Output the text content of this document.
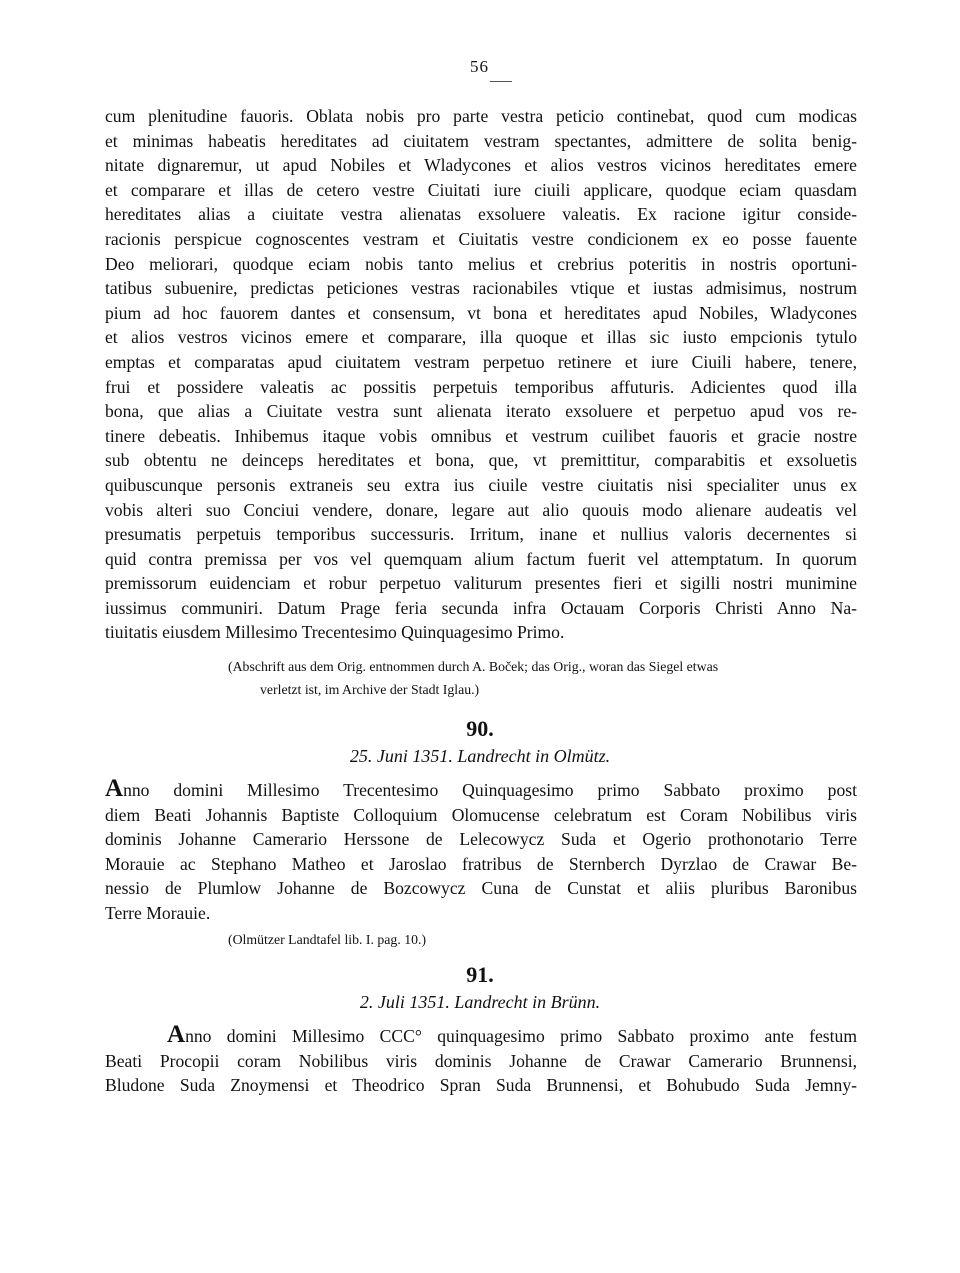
56
cum plenitudine fauoris. Oblata nobis pro parte vestra peticio continebat, quod cum modicas
et minimas habeatis hereditates ad ciuitatem vestram spectantes, admittere de solita benig-
nitate dignaremur, ut apud Nobiles et Wladycones et alios vestros vicinos hereditates emere
et comparare et illas de cetero vestre Ciuitati iure ciuili applicare, quodque eciam quasdam
hereditates alias a ciuitate vestra alienatas exsoluere valeatis. Ex racione igitur conside-
racionis perspicue cognoscentes vestram et Ciuitatis vestre condicionem ex eo posse fauente
Deo meliorari, quodque eciam nobis tanto melius et crebrius poteritis in nostris oportuni-
tatibus subuenire, predictas peticiones vestras racionabiles vtique et iustas admisimus, nostrum
pium ad hoc fauorem dantes et consensum, vt bona et hereditates apud Nobiles, Wladycones
et alios vestros vicinos emere et comparare, illa quoque et illas sic iusto empcionis tytulo
emptas et comparatas apud ciuitatem vestram perpetuo retinere et iure Ciuili habere, tenere,
frui et possidere valeatis ac possitis perpetuis temporibus affuturis. Adicientes quod illa
bona, que alias a Ciuitate vestra sunt alienata iterato exsoluere et perpetuo apud vos re-
tinere debeatis. Inhibemus itaque vobis omnibus et vestrum cuilibet fauoris et gracie nostre
sub obtentu ne deinceps hereditates et bona, que, vt premittitur, comparabitis et exsoluetis
quibuscunque personis extraneis seu extra ius ciuile vestre ciuitatis nisi specialiter unus ex
vobis alteri suo Conciui vendere, donare, legare aut alio quouis modo alienare audeatis vel
presumatis perpetuis temporibus successuris. Irritum, inane et nullius valoris decernentes si
quid contra premissa per vos vel quemquam alium factum fuerit vel attemptatum. In quorum
premissorum euidenciam et robur perpetuo valiturum presentes fieri et sigilli nostri munimine
iussimus communiri. Datum Prage feria secunda infra Octauam Corporis Christi Anno Na-
tiuitatis eiusdem Millesimo Trecentesimo Quinquagesimo Primo.
(Abschrift aus dem Orig. entnommen durch A. Boček; das Orig., woran das Siegel etwas
verletzt ist, im Archive der Stadt Iglau.)
90.
25. Juni 1351. Landrecht in Olmütz.
Anno domini Millesimo Trecentesimo Quinquagesimo primo Sabbato proximo post
diem Beati Johannis Baptiste Colloquium Olomucense celebratum est Coram Nobilibus viris
dominis Johanne Camerario Herssone de Lelecowycz Suda et Ogerio prothonotario Terre
Morauie ac Stephano Matheo et Jaroslao fratribus de Sternberch Dyrzlao de Crawar Be-
nessio de Plumlow Johanne de Bozcowycz Cuna de Cunstat et aliis pluribus Baronibus
Terre Morauie.
(Olmützer Landtafel lib. I. pag. 10.)
91.
2. Juli 1351. Landrecht in Brünn.
Anno domini Millesimo CCC° quinquagesimo primo Sabbato proximo ante festum
Beati Procopii coram Nobilibus viris dominis Johanne de Crawar Camerario Brunnensi,
Bludone Suda Znoymensi et Theodrico Spran Suda Brunnensi, et Bohubudo Suda Jemny-
